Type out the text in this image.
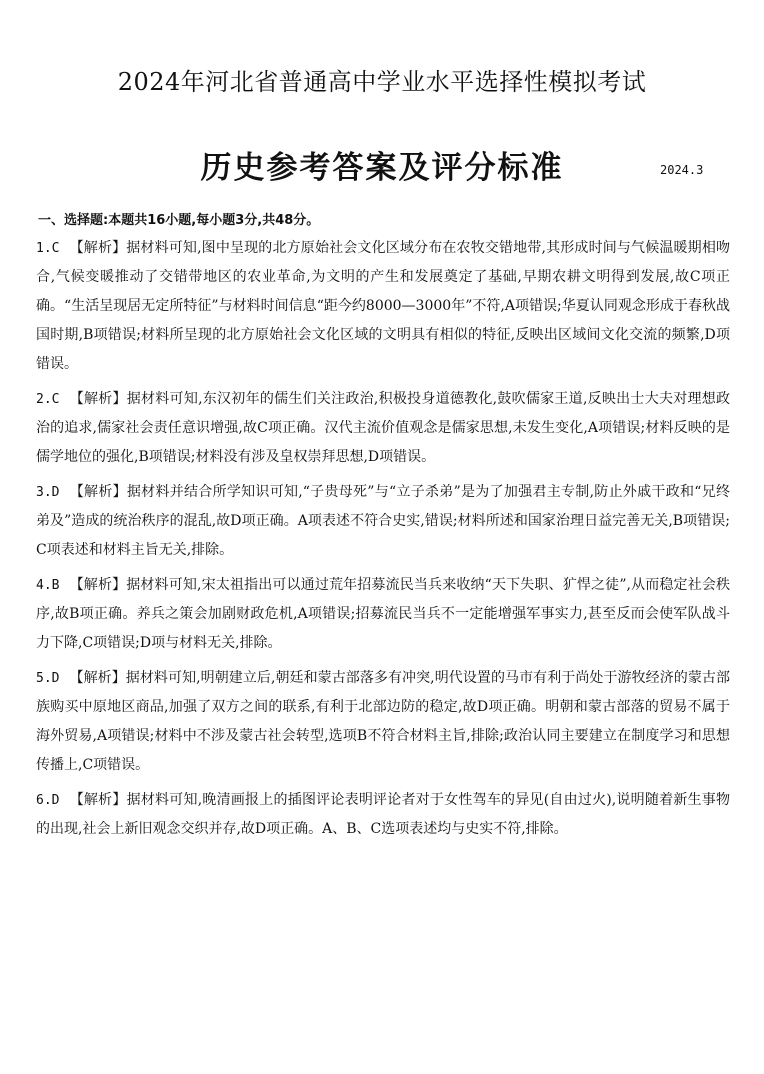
2024年河北省普通高中学业水平选择性模拟考试
历史参考答案及评分标准	2024.3
一、选择题:本题共16小题,每小题3分,共48分。
1.C 【解析】据材料可知,图中呈现的北方原始社会文化区域分布在农牧交错地带,其形成时间与气候温暖期相吻合,气候变暖推动了交错带地区的农业革命,为文明的产生和发展奠定了基础,早期农耕文明得到发展,故C项正确。“生活呈现居无定所特征”与材料时间信息“距今约8000—3000年”不符,A项错误;华夏认同观念形成于春秋战国时期,B项错误;材料所呈现的北方原始社会文化区域的文明具有相似的特征,反映出区域间文化交流的频繁,D项错误。
2.C 【解析】据材料可知,东汉初年的儒生们关注政治,积极投身道德教化,鼓吹儒家王道,反映出士大夫对理想政治的追求,儒家社会责任意识增强,故C项正确。汉代主流价值观念是儒家思想,未发生变化,A项错误;材料反映的是儒学地位的强化,B项错误;材料没有涉及皇权崇拜思想,D项错误。
3.D 【解析】据材料并结合所学知识可知,“子贵母死”与“立子杀弟”是为了加强君主专制,防止外戚干政和“兄终弟及”造成的统治秩序的混乱,故D项正确。A项表述不符合史实,错误;材料所述和国家治理日益完善无关,B项错误;C项表述和材料主旨无关,排除。
4.B 【解析】据材料可知,宋太祖指出可以通过荒年招募流民当兵来收纳“天下失职、犷悍之徒”,从而稳定社会秩序,故B项正确。养兵之策会加剧财政危机,A项错误;招募流民当兵不一定能增强军事实力,甚至反而会使军队战斗力下降,C项错误;D项与材料无关,排除。
5.D 【解析】据材料可知,明朝建立后,朝廷和蒙古部落多有冲突,明代设置的马市有利于尚处于游牧经济的蒙古部族购买中原地区商品,加强了双方之间的联系,有利于北部边防的稳定,故D项正确。明朝和蒙古部落的贸易不属于海外贸易,A项错误;材料中不涉及蒙古社会转型,选项B不符合材料主旨,排除;政治认同主要建立在制度学习和思想传播上,C项错误。
6.D 【解析】据材料可知,晚清画报上的插图评论表明评论者对于女性驾车的异见(自由过火),说明随着新生事物的出现,社会上新旧观念交织并存,故D项正确。A、B、C选项表述均与史实不符,排除。
